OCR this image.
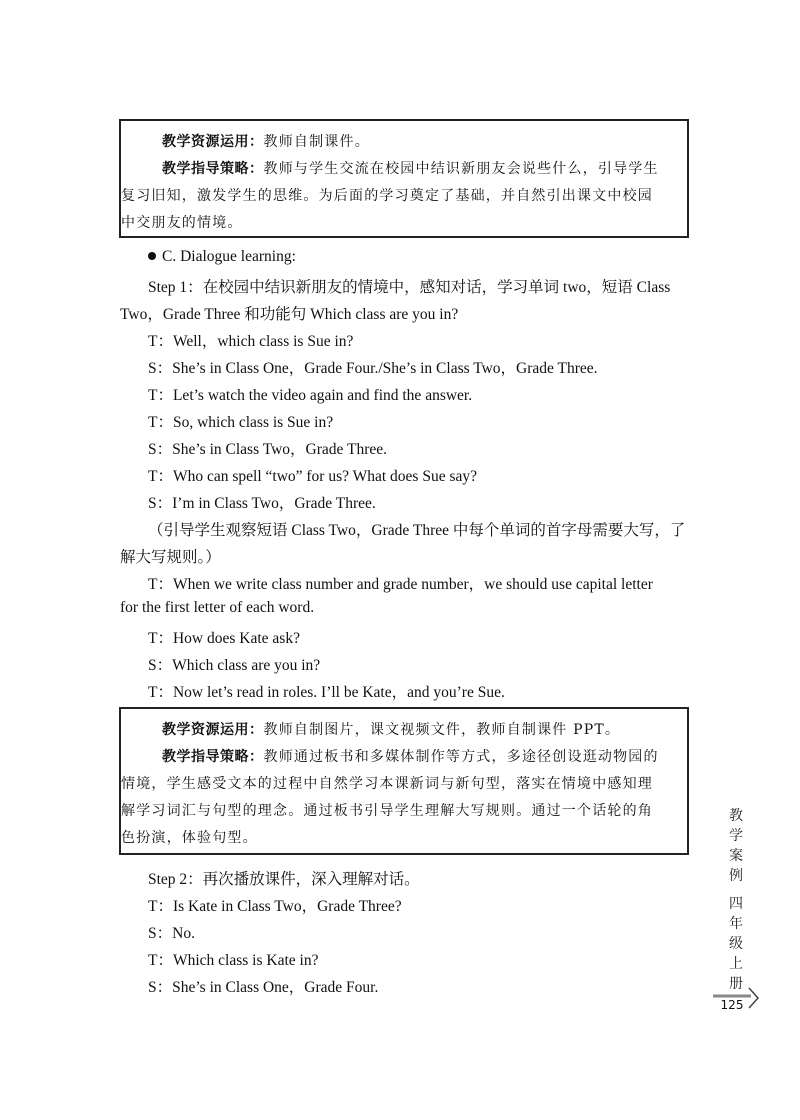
教学资源运用：教师自制课件。
教学指导策略：教师与学生交流在校园中结识新朋友会说些什么，引导学生
复习旧知，激发学生的思维。为后面的学习奠定了基础，并自然引出课文中校园
中交朋友的情境。
C. Dialogue learning:
Step 1：在校园中结识新朋友的情境中，感知对话，学习单词 two，短语 Class
Two，Grade Three 和功能句 Which class are you in?
T：Well，which class is Sue in?
S：She’s in Class One，Grade Four./She’s in Class Two，Grade Three.
T：Let’s watch the video again and find the answer.
T：So, which class is Sue in?
S：She’s in Class Two，Grade Three.
T：Who can spell “two” for us? What does Sue say?
S：I’m in Class Two，Grade Three.
（引导学生观察短语 Class Two，Grade Three 中每个单词的首字母需要大写，了
解大写规则。）
T：When we write class number and grade number，we should use capital letter
for the first letter of each word.
T：How does Kate ask?
S：Which class are you in?
T：Now let’s read in roles. I’ll be Kate，and you’re Sue.
教学资源运用：教师自制图片，课文视频文件，教师自制课件 PPT。
教学指导策略：教师通过板书和多媒体制作等方式，多途径创设逛动物园的
情境，学生感受文本的过程中自然学习本课新词与新句型，落实在情境中感知理
解学习词汇与句型的理念。通过板书引导学生理解大写规则。通过一个话轮的角
色扮演，体验句型。
Step 2：再次播放课件，深入理解对话。
T：Is Kate in Class Two，Grade Three?
S：No.
T：Which class is Kate in?
S：She’s in Class One，Grade Four.
教
学
案
例
四
年
级
上
册
125
